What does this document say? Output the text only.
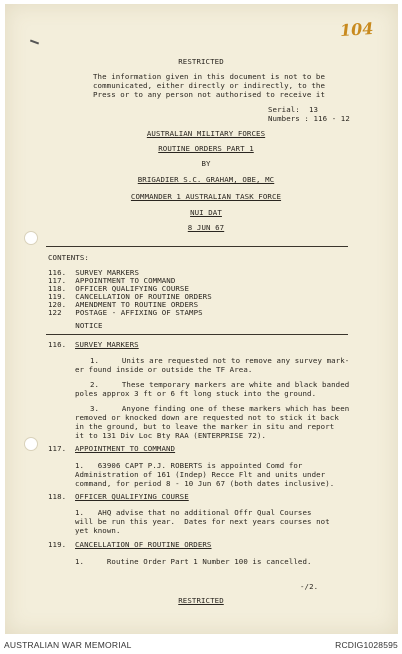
104
RESTRICTED
The information given in this document is not to be
communicated, either directly or indirectly, to the
Press or to any person not authorised to receive it
Serial:  13
Numbers : 116 - 12
AUSTRALIAN MILITARY FORCES
ROUTINE ORDERS PART 1
BY
BRIGADIER S.C. GRAHAM, OBE, MC
COMMANDER 1 AUSTRALIAN TASK FORCE
NUI DAT
8 JUN 67
CONTENTS:
116.  SURVEY MARKERS
117.  APPOINTMENT TO COMMAND
118.  OFFICER QUALIFYING COURSE
119.  CANCELLATION OF ROUTINE ORDERS
120.  AMENDMENT TO ROUTINE ORDERS
122   POSTAGE - AFFIXING OF STAMPS
NOTICE
116. SURVEY MARKERS
1.     Units are requested not to remove any survey mark-
er found inside or outside the TF Area.
2.     These temporary markers are white and black banded
poles approx 3 ft or 6 ft long stuck into the ground.
3.     Anyone finding one of these markers which has been
removed or knocked down are requested not to stick it back
in the ground, but to leave the marker in situ and report
it to 131 Div Loc Bty RAA (ENTERPRISE 72).
117. APPOINTMENT TO COMMAND
1.   63906 CAPT P.J. ROBERTS is appointed Comd for
Administration of 161 (Indep) Recce Flt and units under
command, for period 8 - 10 Jun 67 (both dates inclusive).
118. OFFICER QUALIFYING COURSE
1.   AHQ advise that no additional Offr Qual Courses
will be run this year.  Dates for next years courses not
yet known.
119. CANCELLATION OF ROUTINE ORDERS
1.     Routine Order Part 1 Number 100 is cancelled.
-/2.
RESTRICTED
AUSTRALIAN WAR MEMORIAL	RCDIG1028595
